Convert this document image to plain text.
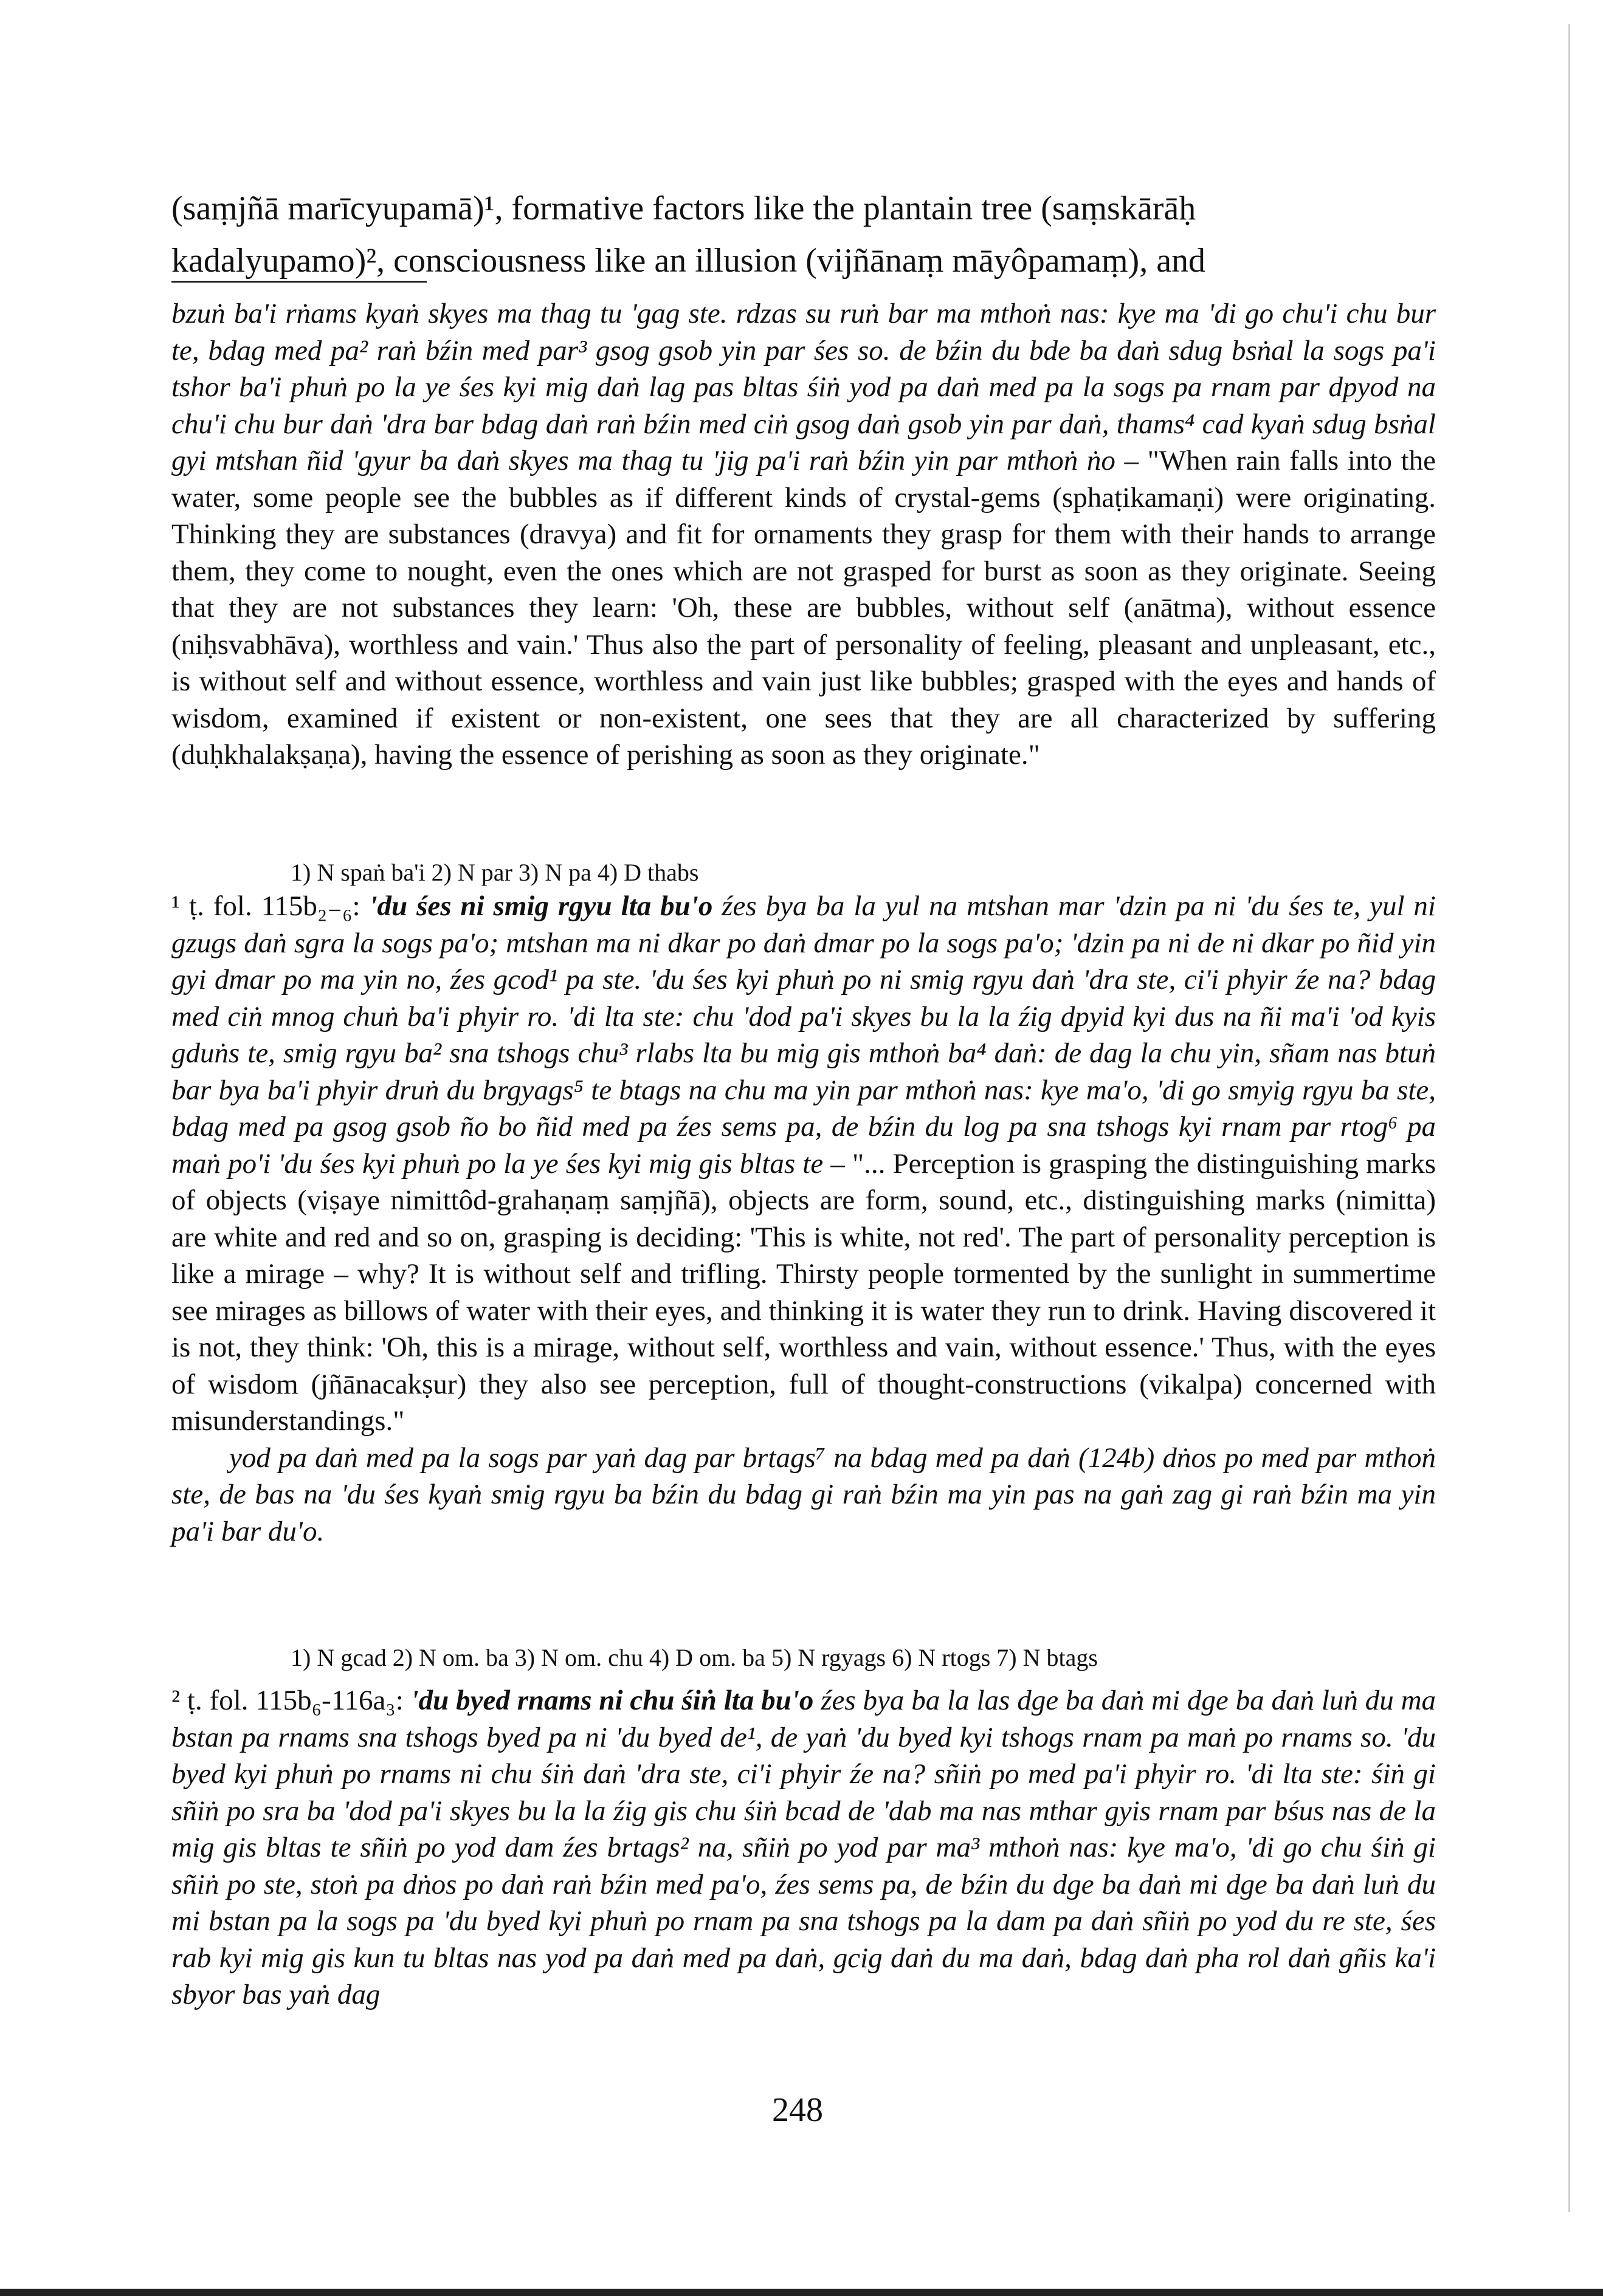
(saṃjñā marīcyupamā)¹, formative factors like the plantain tree (saṃskārāḥ
kadalyupamo)², consciousness like an illusion (vijñānaṃ māyôpamaṃ), and

bzuṅ ba'i rṅams kyaṅ skyes ma thag tu 'gag ste. rdzas su ruṅ bar ma mthoṅ nas: kye ma 'di go chu'i chu bur te, bdag med pa² raṅ bźin med par³ gsog gsob yin par śes so. de bźin du bde ba daṅ sdug bsṅal la sogs pa'i tshor ba'i phuṅ po la ye śes kyi mig daṅ lag pas bltas śiṅ yod pa daṅ med pa la sogs pa rnam par dpyod na chu'i chu bur daṅ 'dra bar bdag daṅ raṅ bźin med ciṅ gsog daṅ gsob yin par daṅ, thams⁴ cad kyaṅ sdug bsṅal gyi mtshan ñid 'gyur ba daṅ skyes ma thag tu 'jig pa'i raṅ bźin yin par mthoṅ ṅo – "When rain falls into the water, some people see the bubbles as if different kinds of crystal-gems (sphaṭikamaṇi) were originating. Thinking they are substances (dravya) and fit for ornaments they grasp for them with their hands to arrange them, they come to nought, even the ones which are not grasped for burst as soon as they originate. Seeing that they are not substances they learn: 'Oh, these are bubbles, without self (anātma), without essence (niḥsvabhāva), worthless and vain.' Thus also the part of personality of feeling, pleasant and unpleasant, etc., is without self and without essence, worthless and vain just like bubbles; grasped with the eyes and hands of wisdom, examined if existent or non-existent, one sees that they are all characterized by suffering (duḥkhalakṣaṇa), having the essence of perishing as soon as they originate."

1) N spaṅ ba'i 2) N par 3) N pa 4) D thabs

¹ ṭ. fol. 115b₂₋₆: 'du śes ni smig rgyu lta bu'o źes bya ba la yul na mtshan mar 'dzin pa ni 'du śes te, yul ni gzugs daṅ sgra la sogs pa'o; mtshan ma ni dkar po daṅ dmar po la sogs pa'o; 'dzin pa ni de ni dkar po ñid yin gyi dmar po ma yin no, źes gcod¹ pa ste. 'du śes kyi phuṅ po ni smig rgyu daṅ 'dra ste, ci'i phyir źe na? bdag med ciṅ mnog chuṅ ba'i phyir ro. 'di lta ste: chu 'dod pa'i skyes bu la la źig dpyid kyi dus na ñi ma'i 'od kyis gduṅs te, smig rgyu ba² sna tshogs chu³ rlabs lta bu mig gis mthoṅ ba⁴ daṅ: de dag la chu yin, sñam nas btuṅ bar bya ba'i phyir druṅ du brgyags⁵ te btags na chu ma yin par mthoṅ nas: kye ma'o, 'di go smyig rgyu ba ste, bdag med pa gsog gsob ño bo ñid med pa źes sems pa, de bźin du log pa sna tshogs kyi rnam par rtog⁶ pa maṅ po'i 'du śes kyi phuṅ po la ye śes kyi mig gis bltas te – "... Perception is grasping the distinguishing marks of objects (viṣaye nimittôd-grahaṇaṃ saṃjñā), objects are form, sound, etc., distinguishing marks (nimitta) are white and red and so on, grasping is deciding: 'This is white, not red'. The part of personality perception is like a mirage – why? It is without self and trifling. Thirsty people tormented by the sunlight in summertime see mirages as billows of water with their eyes, and thinking it is water they run to drink. Having discovered it is not, they think: 'Oh, this is a mirage, without self, worthless and vain, without essence.' Thus, with the eyes of wisdom (jñānacakṣur) they also see perception, full of thought-constructions (vikalpa) concerned with misunderstandings."

yod pa daṅ med pa la sogs par yaṅ dag par brtags⁷ na bdag med pa daṅ (124b) dṅos po med par mthoṅ ste, de bas na 'du śes kyaṅ smig rgyu ba bźin du bdag gi raṅ bźin ma yin pas na gaṅ zag gi raṅ bźin ma yin pa'i bar du'o.

1) N gcad 2) N om. ba 3) N om. chu 4) D om. ba 5) N rgyags 6) N rtogs 7) N btags

² ṭ. fol. 115b₆-116a₃: 'du byed rnams ni chu śiṅ lta bu'o źes bya ba la las dge ba daṅ mi dge ba daṅ luṅ du ma bstan pa rnams sna tshogs byed pa ni 'du byed de¹, de yaṅ 'du byed kyi tshogs rnam pa maṅ po rnams so. 'du byed kyi phuṅ po rnams ni chu śiṅ daṅ 'dra ste, ci'i phyir źe na? sñiṅ po med pa'i phyir ro. 'di lta ste: śiṅ gi sñiṅ po sra ba 'dod pa'i skyes bu la la źig gis chu śiṅ bcad de 'dab ma nas mthar gyis rnam par bśus nas de la mig gis bltas te sñiṅ po yod dam źes brtags² na, sñiṅ po yod par ma³ mthoṅ nas: kye ma'o, 'di go chu śiṅ gi sñiṅ po ste, stoṅ pa dṅos po daṅ raṅ bźin med pa'o, źes sems pa, de bźin du dge ba daṅ mi dge ba daṅ luṅ du mi bstan pa la sogs pa 'du byed kyi phuṅ po rnam pa sna tshogs pa la dam pa daṅ sñiṅ po yod du re ste, śes rab kyi mig gis kun tu bltas nas yod pa daṅ med pa daṅ, gcig daṅ du ma daṅ, bdag daṅ pha rol daṅ gñis ka'i sbyor bas yaṅ dag

248
